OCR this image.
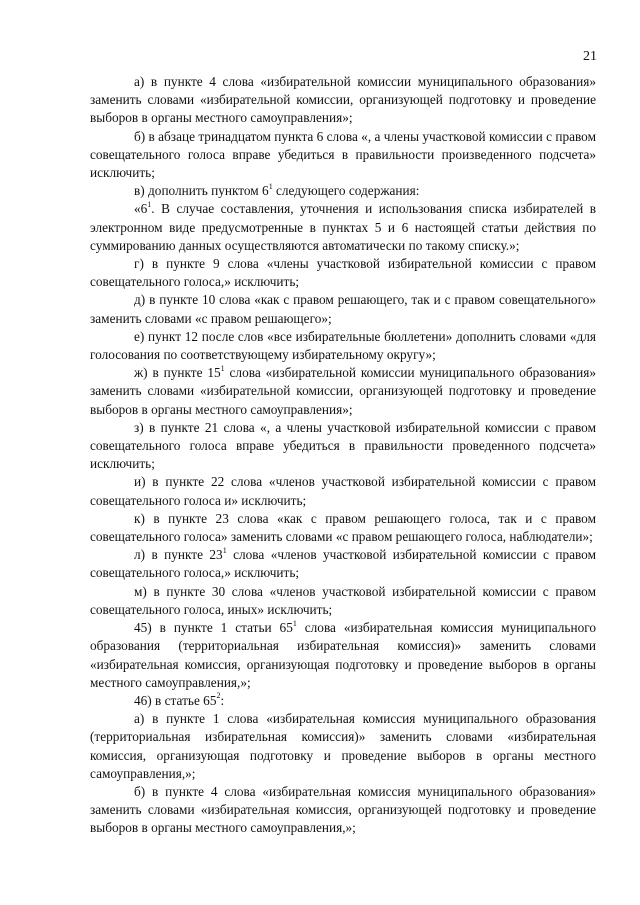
21

а) в пункте 4 слова «избирательной комиссии муниципального образования» заменить словами «избирательной комиссии, организующей подготовку и проведение выборов в органы местного самоуправления»;

б) в абзаце тринадцатом пункта 6 слова «, а члены участковой комиссии с правом совещательного голоса вправе убедиться в правильности произведенного подсчета» исключить;

в) дополнить пунктом $6^1$ следующего содержания:

«$6^1$. В случае составления, уточнения и использования списка избирателей в электронном виде предусмотренные в пунктах 5 и 6 настоящей статьи действия по суммированию данных осуществляются автоматически по такому списку.»;

г) в пункте 9 слова «члены участковой избирательной комиссии с правом совещательного голоса,» исключить;

д) в пункте 10 слова «как с правом решающего, так и с правом совещательного» заменить словами «с правом решающего»;

е) пункт 12 после слов «все избирательные бюллетени» дополнить словами «для голосования по соответствующему избирательному округу»;

ж) в пункте $15^1$ слова «избирательной комиссии муниципального образования» заменить словами «избирательной комиссии, организующей подготовку и проведение выборов в органы местного самоуправления»;

з) в пункте 21 слова «, а члены участковой избирательной комиссии с правом совещательного голоса вправе убедиться в правильности проведенного подсчета» исключить;

и) в пункте 22 слова «членов участковой избирательной комиссии с правом совещательного голоса и» исключить;

к) в пункте 23 слова «как с правом решающего голоса, так и с правом совещательного голоса» заменить словами «с правом решающего голоса, наблюдатели»;

л) в пункте $23^1$ слова «членов участковой избирательной комиссии с правом совещательного голоса,» исключить;

м) в пункте 30 слова «членов участковой избирательной комиссии с правом совещательного голоса, иных» исключить;

45) в пункте 1 статьи $65^1$ слова «избирательная комиссия муниципального образования (территориальная избирательная комиссия)» заменить словами «избирательная комиссия, организующая подготовку и проведение выборов в органы местного самоуправления,»;

46) в статье $65^2$:

а) в пункте 1 слова «избирательная комиссия муниципального образования (территориальная избирательная комиссия)» заменить словами «избирательная комиссия, организующая подготовку и проведение выборов в органы местного самоуправления,»;

б) в пункте 4 слова «избирательная комиссия муниципального образования» заменить словами «избирательная комиссия, организующей подготовку и проведение выборов в органы местного самоуправления,»;
